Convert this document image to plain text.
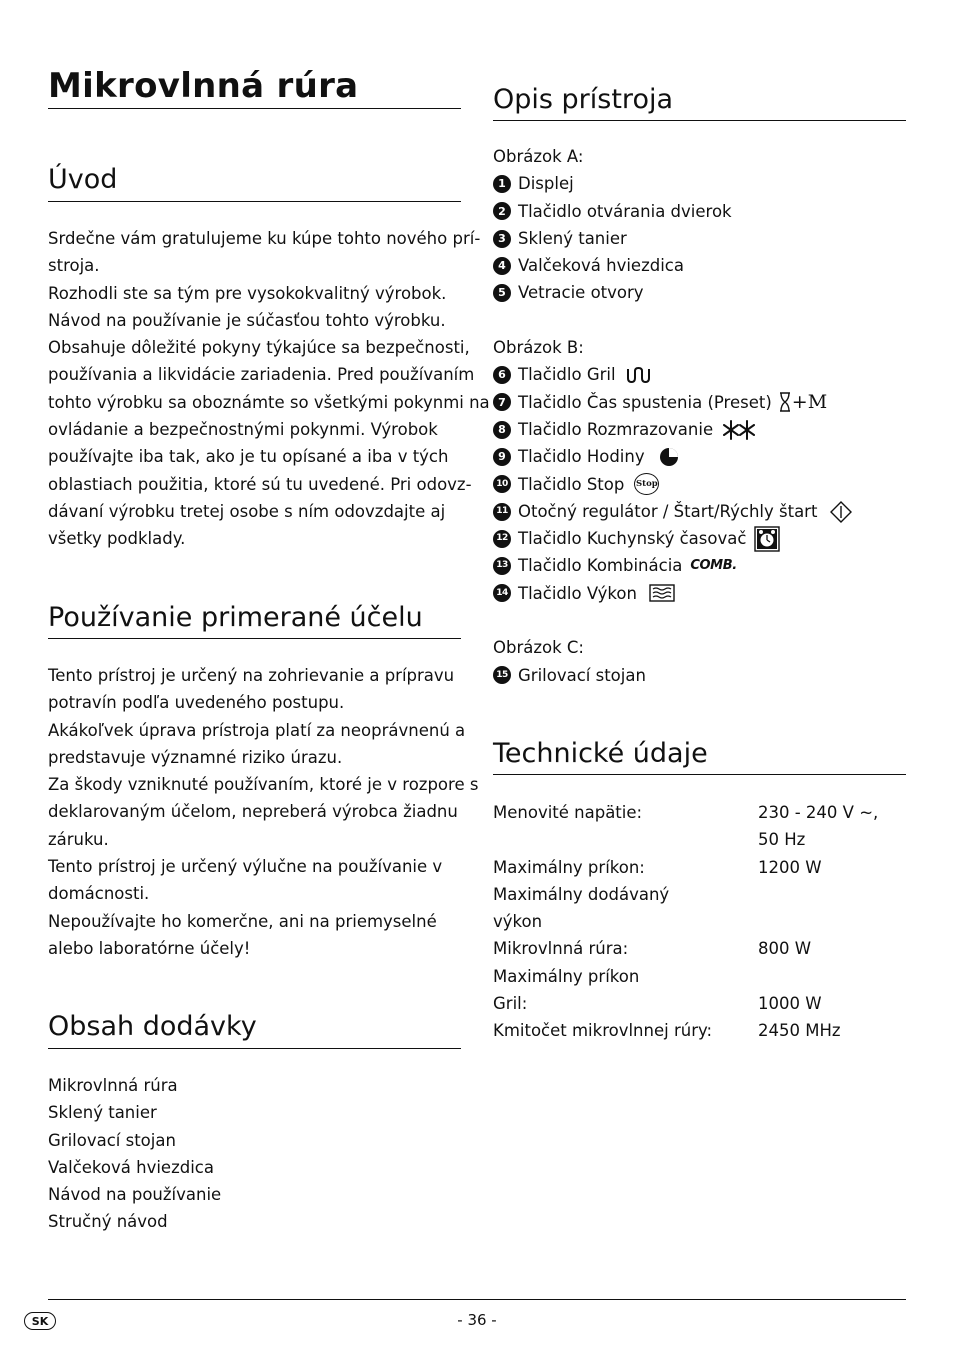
Mikrovlnná rúra
Úvod
Srdečne vám gratulujeme ku kúpe tohto nového prí-
stroja.
Rozhodli ste sa tým pre vysokokvalitný výrobok.
Návod na používanie je súčasťou tohto výrobku.
Obsahuje dôležité pokyny týkajúce sa bezpečnosti,
používania a likvidácie zariadenia. Pred používaním
tohto výrobku sa oboznámte so všetkými pokynmi na
ovládanie a bezpečnostnými pokynmi. Výrobok
používajte iba tak, ako je tu opísané a iba v tých
oblastiach použitia, ktoré sú tu uvedené. Pri odovz-
dávaní výrobku tretej osobe s ním odovzdajte aj
všetky podklady.
Používanie primerané účelu
Tento prístroj je určený na zohrievanie a prípravu
potravín podľa uvedeného postupu.
Akákoľvek úprava prístroja platí za neoprávnenú a
predstavuje významné riziko úrazu.
Za škody vzniknuté používaním, ktoré je v rozpore s
deklarovaným účelom, nepreberá výrobca žiadnu
záruku.
Tento prístroj je určený výlučne na používanie v
domácnosti.
Nepoužívajte ho komerčne, ani na priemyselné
alebo laboratórne účely!
Obsah dodávky
Mikrovlnná rúra
Sklený tanier
Grilovací stojan
Valčeková hviezdica
Návod na používanie
Stručný návod
Opis prístroja
Obrázok A:
1 Displej
2 Tlačidlo otvárania dvierok
3 Sklený tanier
4 Valčeková hviezdica
5 Vetracie otvory

Obrázok B:
6 Tlačidlo Gril
7 Tlačidlo Čas spustenia (Preset) +M
8 Tlačidlo Rozmrazovanie
9 Tlačidlo Hodiny
10 Tlačidlo Stop Stop
11 Otočný regulátor / Štart/Rýchly štart
12 Tlačidlo Kuchynský časovač
13 Tlačidlo Kombinácia COMB.
14 Tlačidlo Výkon

Obrázok C:
15 Grilovací stojan
Technické údaje
Menovité napätie:	230 - 240 V ~,
50 Hz
Maximálny príkon:	1200 W
Maximálny dodávaný
výkon
Mikrovlnná rúra:	800 W
Maximálny príkon
Gril:	1000 W
Kmitočet mikrovlnnej rúry:	2450 MHz
SK	- 36 -
